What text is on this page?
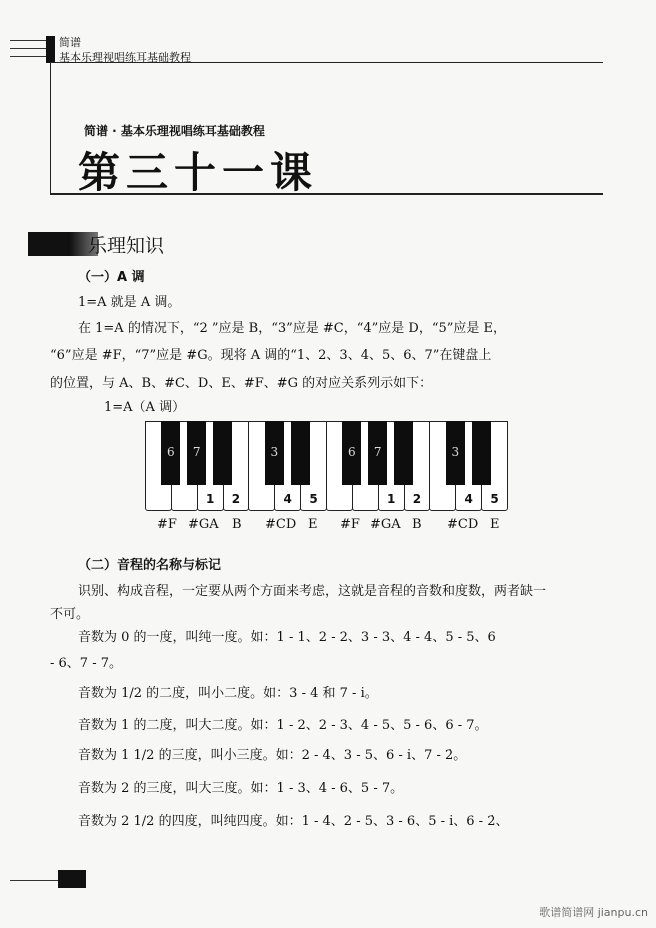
简谱
基本乐理视唱练耳基础教程
简谱 · 基本乐理视唱练耳基础教程
第三十一课
乐理知识
（一）A 调
1=A 就是 A 调。
在 1=A 的情况下，“2 ”应是 B，“3”应是 #C，“4”应是 D，“5”应是 E，
“6”应是 #F，“7”应是 #G。现将 A 调的“1、2、3、4、5、6、7”在键盘上
的位置，与 A、B、#C、D、E、#F、#G 的对应关系列示如下：
1=A（A 调）
1	2	4	5	1	2	4	5
6	7	3	6	7	3
#F #GA B #CD E #F #GA B #CD E
（二）音程的名称与标记
识别、构成音程，一定要从两个方面来考虑，这就是音程的音数和度数，两者缺一
不可。
音数为 0 的一度，叫纯一度。如：1 - 1、2 - 2、3 - 3、4 - 4、5 - 5、6
- 6、7 - 7。
音数为 1/2 的二度，叫小二度。如：3 - 4 和 7 - i̇。
音数为 1 的二度，叫大二度。如：1 - 2、2 - 3、4 - 5、5 - 6、6 - 7。
音数为 1 1/2 的三度，叫小三度。如：2 - 4、3 - 5、6 - i̇、7 - 2̇。
音数为 2 的三度，叫大三度。如：1 - 3、4 - 6、5 - 7。
音数为 2 1/2 的四度，叫纯四度。如：1 - 4、2 - 5、3 - 6、5 - i̇、6 - 2̇、
歌谱简谱网 jianpu.cn
